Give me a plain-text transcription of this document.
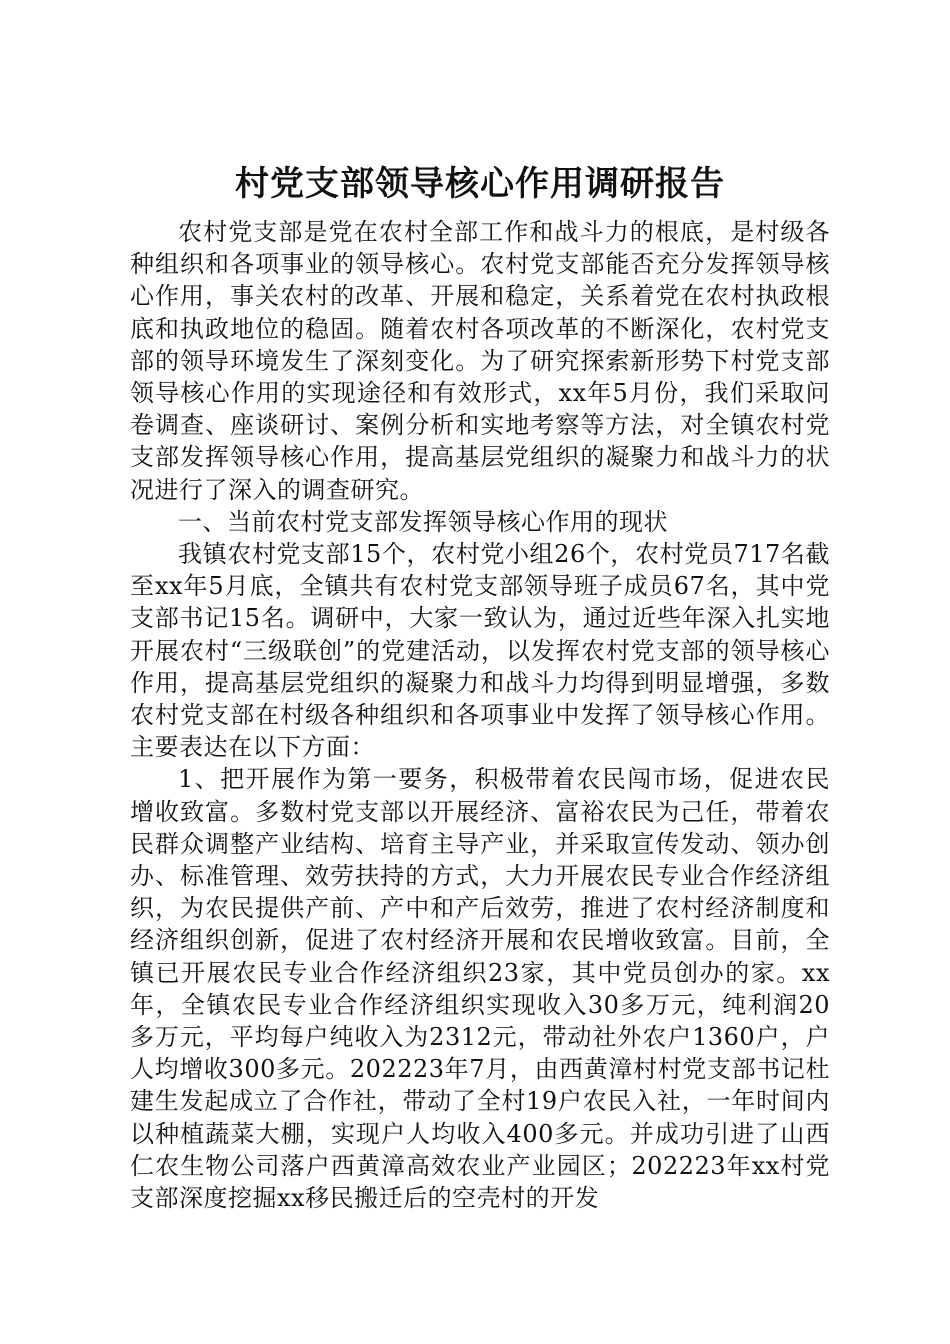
村党支部领导核心作用调研报告

农村党支部是党在农村全部工作和战斗力的根底，是村级各种组织和各项事业的领导核心。农村党支部能否充分发挥领导核心作用，事关农村的改革、开展和稳定，关系着党在农村执政根底和执政地位的稳固。随着农村各项改革的不断深化，农村党支部的领导环境发生了深刻变化。为了研究探索新形势下村党支部领导核心作用的实现途径和有效形式，xx年5月份，我们采取问卷调查、座谈研讨、案例分析和实地考察等方法，对全镇农村党支部发挥领导核心作用，提高基层党组织的凝聚力和战斗力的状况进行了深入的调查研究。

一、当前农村党支部发挥领导核心作用的现状

我镇农村党支部15个，农村党小组26个，农村党员717名截至xx年5月底，全镇共有农村党支部领导班子成员67名，其中党支部书记15名。调研中，大家一致认为，通过近些年深入扎实地开展农村“三级联创”的党建活动，以发挥农村党支部的领导核心作用，提高基层党组织的凝聚力和战斗力均得到明显增强，多数农村党支部在村级各种组织和各项事业中发挥了领导核心作用。主要表达在以下方面：

1、把开展作为第一要务，积极带着农民闯市场，促进农民增收致富。多数村党支部以开展经济、富裕农民为己任，带着农民群众调整产业结构、培育主导产业，并采取宣传发动、领办创办、标准管理、效劳扶持的方式，大力开展农民专业合作经济组织，为农民提供产前、产中和产后效劳，推进了农村经济制度和经济组织创新，促进了农村经济开展和农民增收致富。目前，全镇已开展农民专业合作经济组织23家，其中党员创办的家。xx年，全镇农民专业合作经济组织实现收入30多万元，纯利润20多万元，平均每户纯收入为2312元，带动社外农户1360户，户人均增收300多元。202223年7月，由西黄漳村村党支部书记杜建生发起成立了合作社，带动了全村19户农民入社，一年时间内以种植蔬菜大棚，实现户人均收入400多元。并成功引进了山西仁农生物公司落户西黄漳高效农业产业园区；202223年xx村党支部深度挖掘xx移民搬迁后的空壳村的开发
